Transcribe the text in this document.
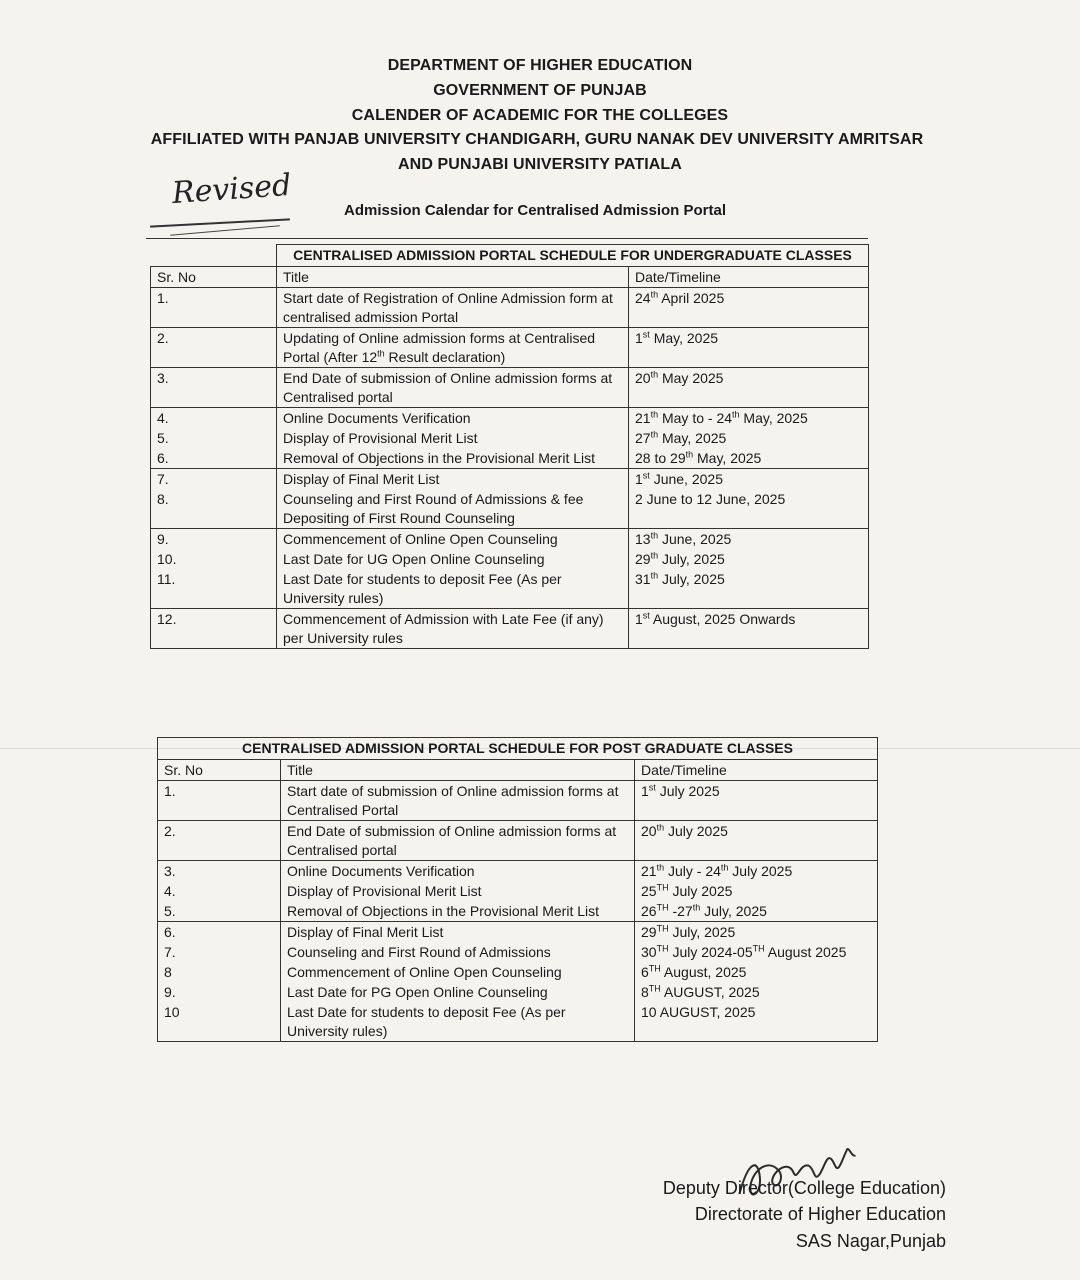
DEPARTMENT OF HIGHER EDUCATION
GOVERNMENT OF PUNJAB
CALENDER OF ACADEMIC FOR THE COLLEGES
AFFILIATED WITH PANJAB UNIVERSITY CHANDIGARH, GURU NANAK DEV UNIVERSITY AMRITSAR
AND PUNJABI UNIVERSITY PATIALA
Revised	Admission Calendar for Centralised Admission Portal
	CENTRALISED ADMISSION PORTAL SCHEDULE FOR UNDERGRADUATE CLASSES	
Sr. No	Title	Date/Timeline
1.	Start date of Registration of Online Admission form at centralised admission Portal	24th April 2025
2.	Updating of Online admission forms at Centralised Portal (After 12th Result declaration)	1st May, 2025
3.	End Date of submission of Online admission forms at Centralised portal	20th May 2025
4.	Online Documents Verification	21th May to - 24th May, 2025
5.	Display of Provisional Merit List	27th May, 2025
6.	Removal of Objections in the Provisional Merit List	28 to 29th May, 2025
7.	Display of Final Merit List	1st June, 2025
8.	Counseling and First Round of Admissions & fee Depositing of First Round Counseling	2 June to 12 June, 2025
9.	Commencement of Online Open Counseling	13th June, 2025
10.	Last Date for UG Open Online Counseling	29th July, 2025
11.	Last Date for students to deposit Fee (As per University rules)	31th July, 2025
12.	Commencement of Admission with Late Fee (if any) per University rules	1st August, 2025 Onwards
CENTRALISED ADMISSION PORTAL SCHEDULE FOR POST GRADUATE CLASSES		
Sr. No	Title	Date/Timeline
1.	Start date of submission of Online admission forms at Centralised Portal	1st July 2025
2.	End Date of submission of Online admission forms at Centralised portal	20th July 2025
3.	Online Documents Verification	21th July - 24th July 2025
4.	Display of Provisional Merit List	25TH July 2025
5.	Removal of Objections in the Provisional Merit List	26TH -27th July, 2025
6.	Display of Final Merit List	29TH July, 2025
7.	Counseling and First Round of Admissions	30TH July 2024-05TH August 2025
8	Commencement of Online Open Counseling	6TH August, 2025
9.	Last Date for PG Open Online Counseling	8TH AUGUST, 2025
10	Last Date for students to deposit Fee (As per University rules)	10 AUGUST, 2025
Deputy Director(College Education)
Directorate of Higher Education
SAS Nagar,Punjab
